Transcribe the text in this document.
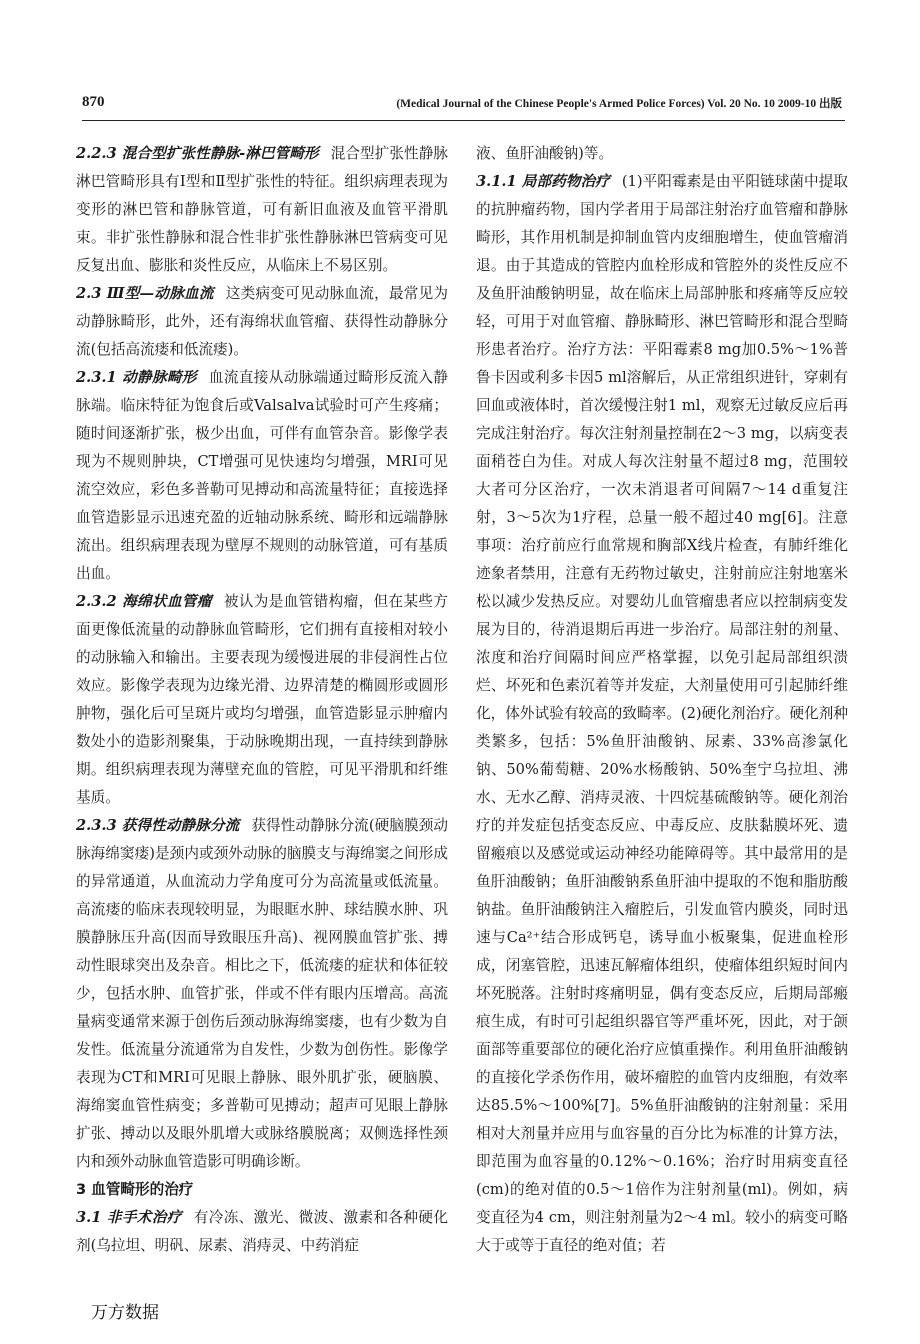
870	(Medical Journal of the Chinese People's Armed Police Forces) Vol. 20 No. 10 2009-10 出版

2.2.3 混合型扩张性静脉-淋巴管畸形 混合型扩张性静脉淋巴管畸形具有Ⅰ型和Ⅱ型扩张性的特征。组织病理表现为变形的淋巴管和静脉管道，可有新旧血液及血管平滑肌束。非扩张性静脉和混合性非扩张性静脉淋巴管病变可见反复出血、膨胀和炎性反应，从临床上不易区别。

2.3 Ⅲ型—动脉血流 这类病变可见动脉血流，最常见为动静脉畸形，此外，还有海绵状血管瘤、获得性动静脉分流(包括高流瘘和低流瘘)。

2.3.1 动静脉畸形 血流直接从动脉端通过畸形反流入静脉端。临床特征为饱食后或Valsalva试验时可产生疼痛；随时间逐渐扩张，极少出血，可伴有血管杂音。影像学表现为不规则肿块，CT增强可见快速均匀增强，MRI可见流空效应，彩色多普勒可见搏动和高流量特征；直接选择血管造影显示迅速充盈的近轴动脉系统、畸形和远端静脉流出。组织病理表现为壁厚不规则的动脉管道，可有基质出血。

2.3.2 海绵状血管瘤 被认为是血管错构瘤，但在某些方面更像低流量的动静脉血管畸形，它们拥有直接相对较小的动脉输入和输出。主要表现为缓慢进展的非侵润性占位效应。影像学表现为边缘光滑、边界清楚的椭圆形或圆形肿物，强化后可呈斑片或均匀增强，血管造影显示肿瘤内数处小的造影剂聚集，于动脉晚期出现，一直持续到静脉期。组织病理表现为薄壁充血的管腔，可见平滑肌和纤维基质。

2.3.3 获得性动静脉分流 获得性动静脉分流(硬脑膜颈动脉海绵窦瘘)是颈内或颈外动脉的脑膜支与海绵窦之间形成的异常通道，从血流动力学角度可分为高流量或低流量。高流瘘的临床表现较明显，为眼眶水肿、球结膜水肿、巩膜静脉压升高(因而导致眼压升高)、视网膜血管扩张、搏动性眼球突出及杂音。相比之下，低流瘘的症状和体征较少，包括水肿、血管扩张，伴或不伴有眼内压增高。高流量病变通常来源于创伤后颈动脉海绵窦瘘，也有少数为自发性。低流量分流通常为自发性，少数为创伤性。影像学表现为CT和MRI可见眼上静脉、眼外肌扩张，硬脑膜、海绵窦血管性病变；多普勒可见搏动；超声可见眼上静脉扩张、搏动以及眼外肌增大或脉络膜脱离；双侧选择性颈内和颈外动脉血管造影可明确诊断。

3 血管畸形的治疗

3.1 非手术治疗 有冷冻、激光、微波、激素和各种硬化剂(乌拉坦、明矾、尿素、消痔灵、中药消症

液、鱼肝油酸钠)等。

3.1.1 局部药物治疗 (1)平阳霉素是由平阳链球菌中提取的抗肿瘤药物，国内学者用于局部注射治疗血管瘤和静脉畸形，其作用机制是抑制血管内皮细胞增生，使血管瘤消退。由于其造成的管腔内血栓形成和管腔外的炎性反应不及鱼肝油酸钠明显，故在临床上局部肿胀和疼痛等反应较轻，可用于对血管瘤、静脉畸形、淋巴管畸形和混合型畸形患者治疗。治疗方法：平阳霉素8 mg加0.5%～1%普鲁卡因或利多卡因5 ml溶解后，从正常组织进针，穿刺有回血或液体时，首次缓慢注射1 ml，观察无过敏反应后再完成注射治疗。每次注射剂量控制在2～3 mg，以病变表面稍苍白为佳。对成人每次注射量不超过8 mg，范围较大者可分区治疗，一次未消退者可间隔7～14 d重复注射，3～5次为1疗程，总量一般不超过40 mg[6]。注意事项：治疗前应行血常规和胸部X线片检查，有肺纤维化迹象者禁用，注意有无药物过敏史，注射前应注射地塞米松以减少发热反应。对婴幼儿血管瘤患者应以控制病变发展为目的，待消退期后再进一步治疗。局部注射的剂量、浓度和治疗间隔时间应严格掌握，以免引起局部组织溃烂、坏死和色素沉着等并发症，大剂量使用可引起肺纤维化，体外试验有较高的致畸率。(2)硬化剂治疗。硬化剂种类繁多，包括：5%鱼肝油酸钠、尿素、33%高渗氯化钠、50%葡萄糖、20%水杨酸钠、50%奎宁乌拉坦、沸水、无水乙醇、消痔灵液、十四烷基硫酸钠等。硬化剂治疗的并发症包括变态反应、中毒反应、皮肤黏膜坏死、遗留瘢痕以及感觉或运动神经功能障碍等。其中最常用的是鱼肝油酸钠；鱼肝油酸钠系鱼肝油中提取的不饱和脂肪酸钠盐。鱼肝油酸钠注入瘤腔后，引发血管内膜炎，同时迅速与Ca²⁺结合形成钙皂，诱导血小板聚集，促进血栓形成，闭塞管腔，迅速瓦解瘤体组织，使瘤体组织短时间内坏死脱落。注射时疼痛明显，偶有变态反应，后期局部瘢痕生成，有时可引起组织器官等严重坏死，因此，对于颌面部等重要部位的硬化治疗应慎重操作。利用鱼肝油酸钠的直接化学杀伤作用，破坏瘤腔的血管内皮细胞，有效率达85.5%～100%[7]。5%鱼肝油酸钠的注射剂量：采用相对大剂量并应用与血容量的百分比为标准的计算方法，即范围为血容量的0.12%～0.16%；治疗时用病变直径(cm)的绝对值的0.5～1倍作为注射剂量(ml)。例如，病变直径为4 cm，则注射剂量为2～4 ml。较小的病变可略大于或等于直径的绝对值；若

万方数据
